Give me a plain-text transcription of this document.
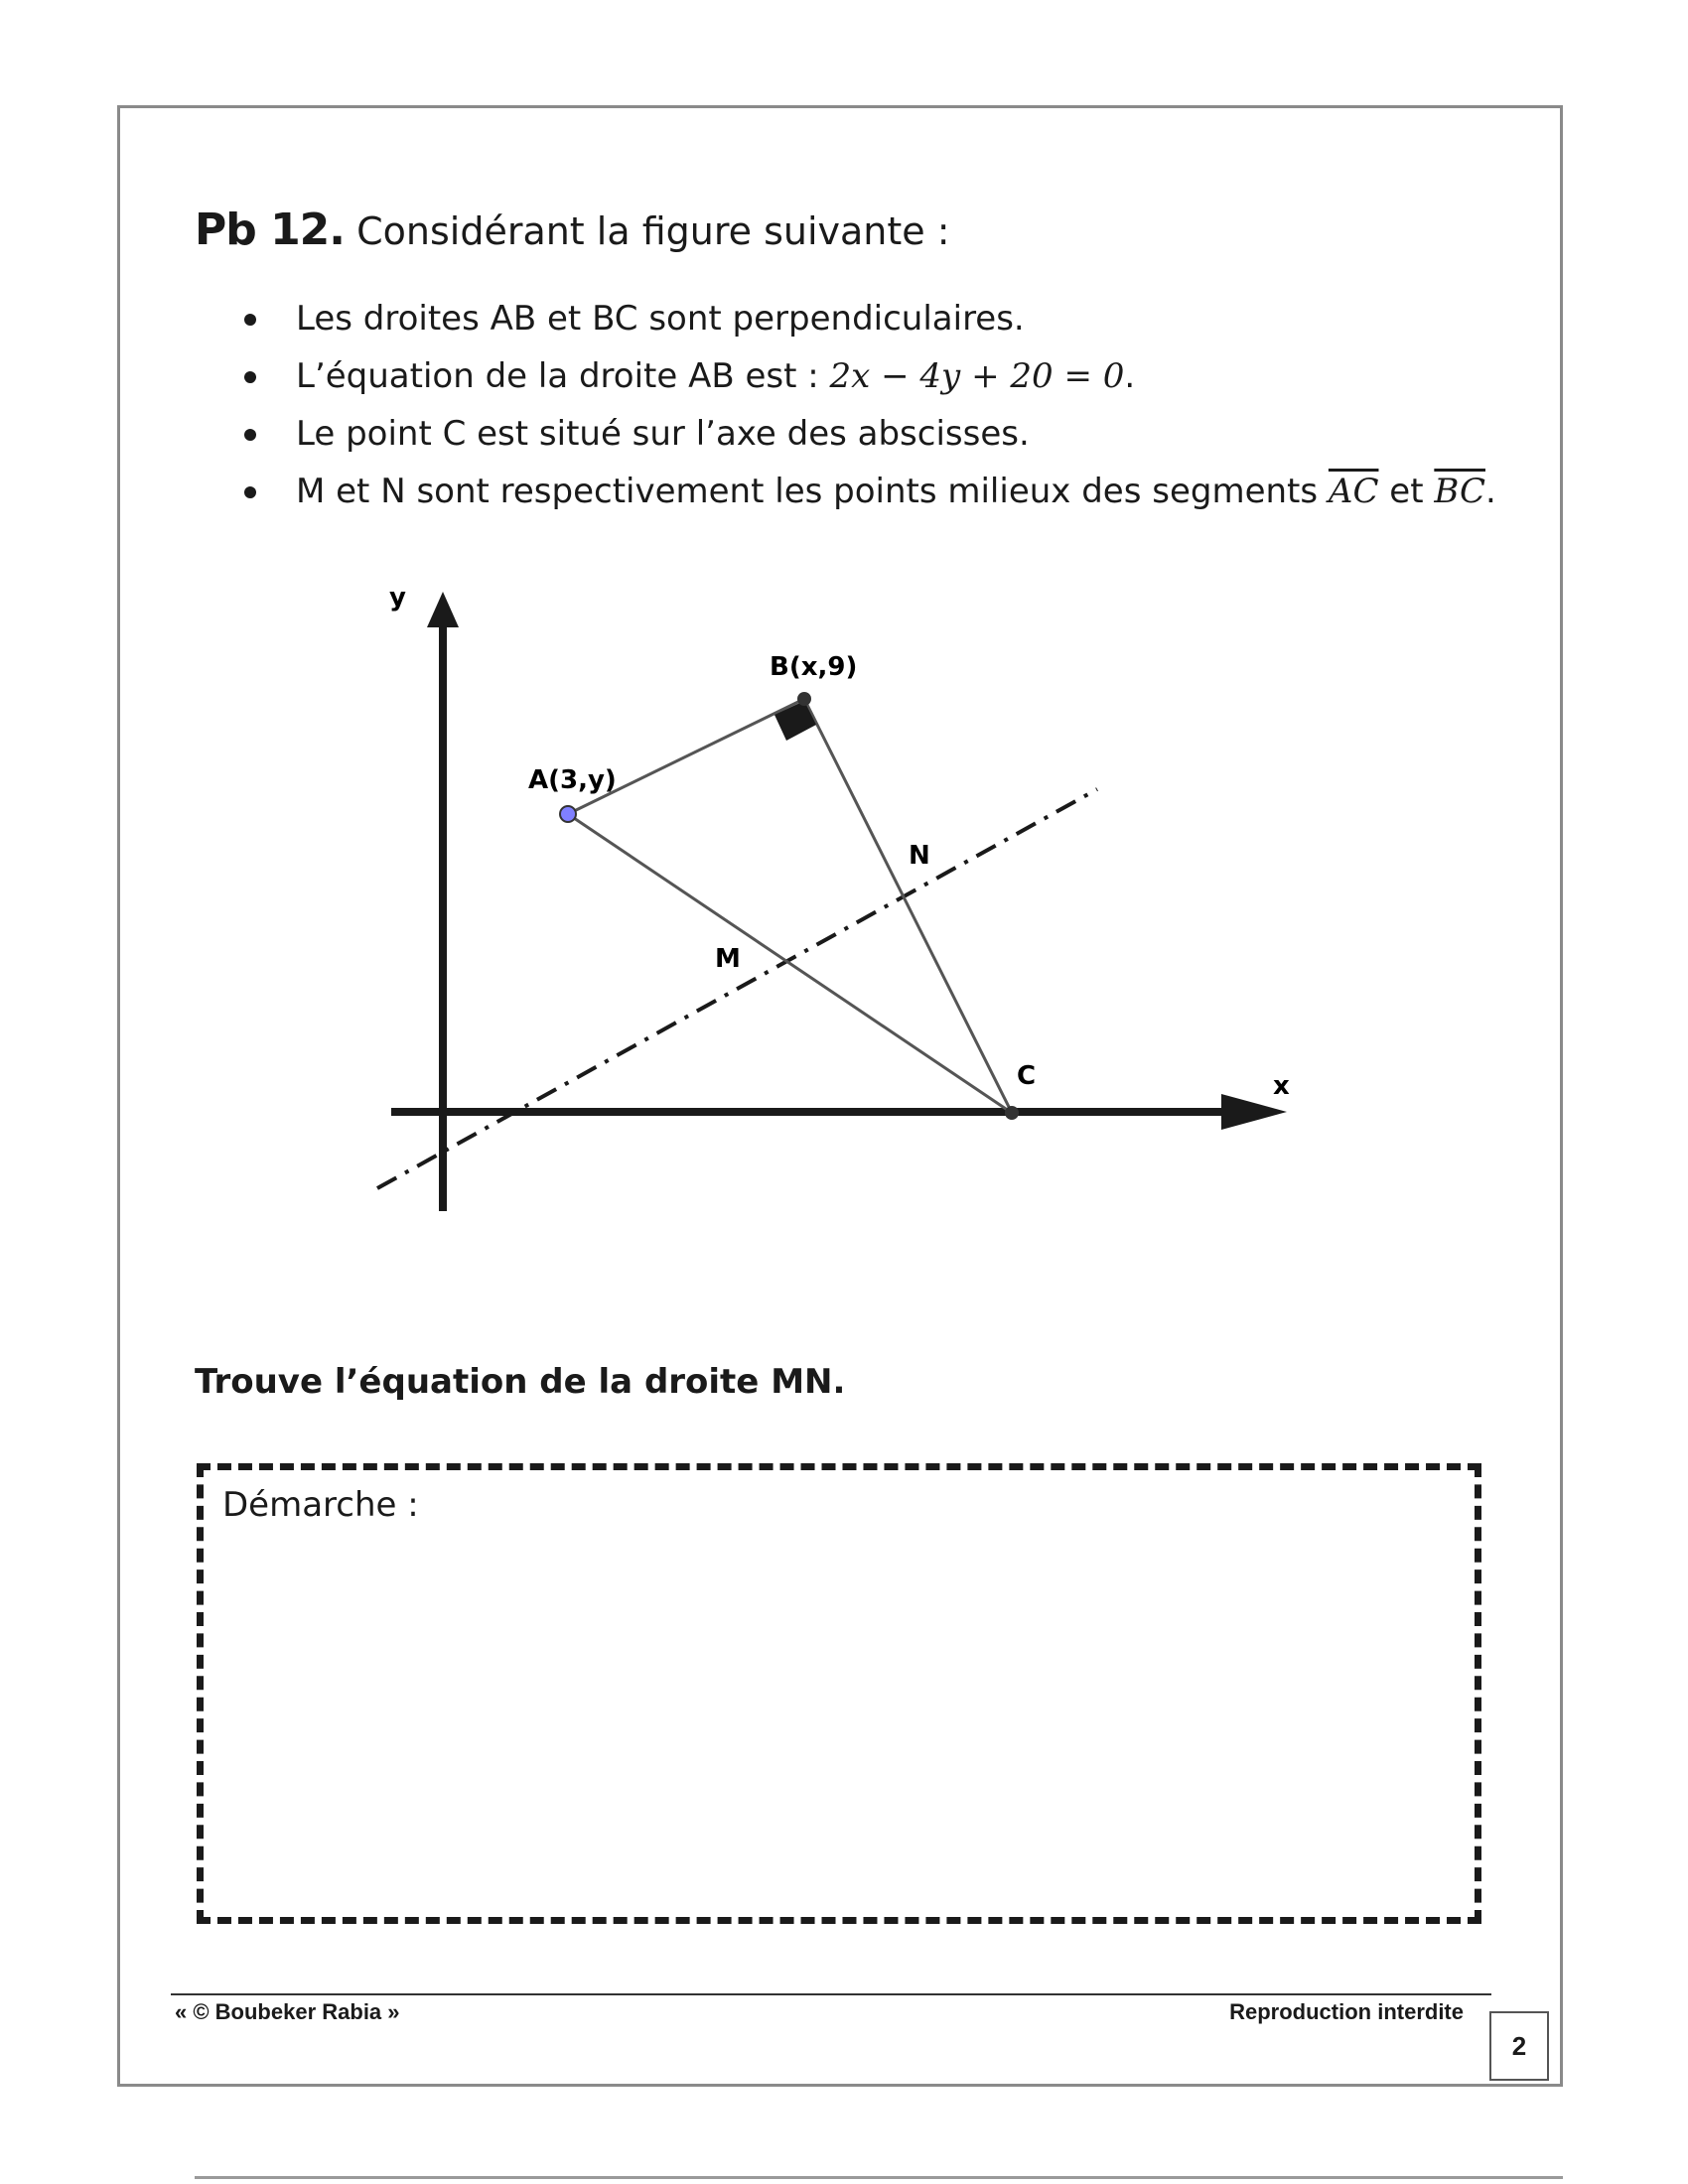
Pb 12. Considérant la figure suivante :
Les droites AB et BC sont perpendiculaires.
L’équation de la droite AB est : 2x − 4y + 20 = 0.
Le point C est situé sur l’axe des abscisses.
M et N sont respectivement les points milieux des segments $\overline{AC}$ et $\overline{BC}$.
y
x
B(x,9)
A(3,y)
N
M
C
Trouve l’équation de la droite MN.
Démarche :
« © Boubeker Rabia »	Reproduction interdite
2
